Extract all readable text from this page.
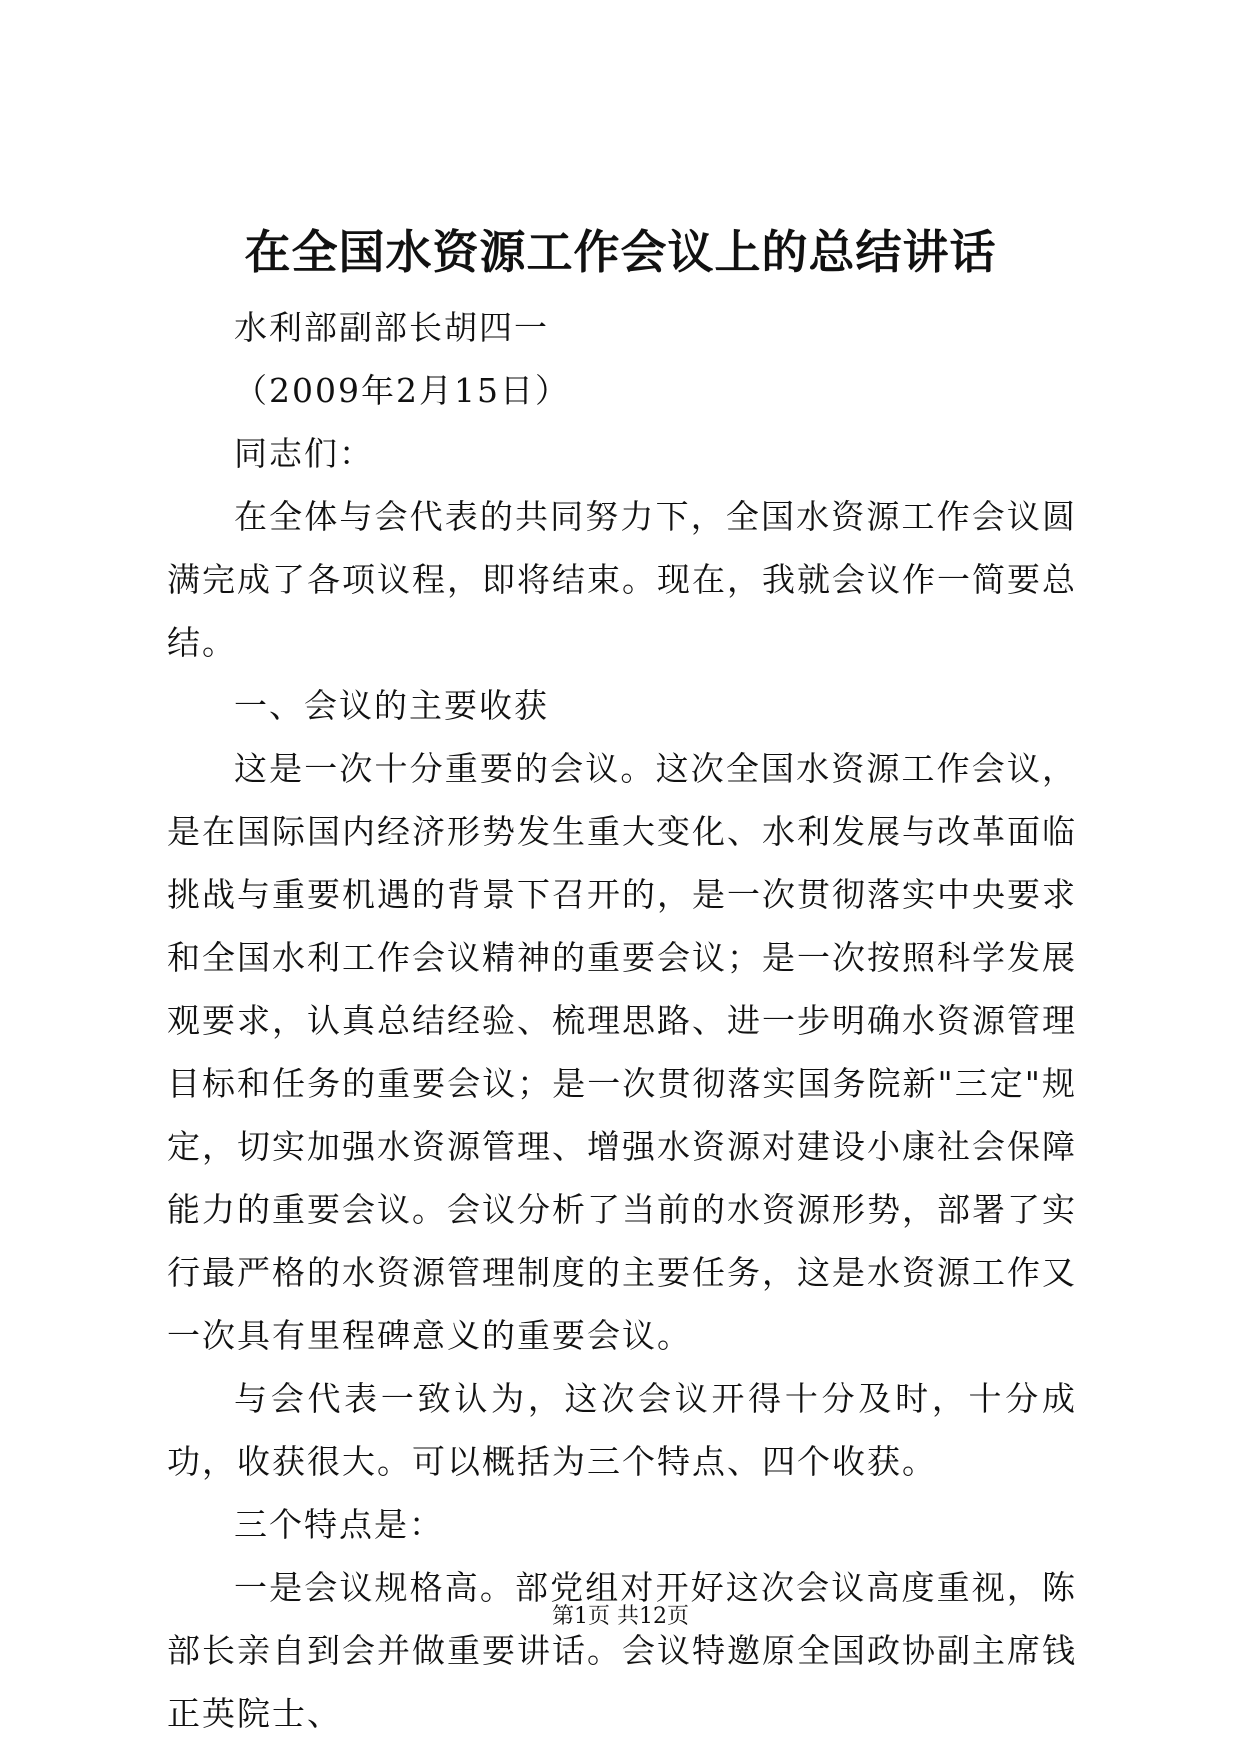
在全国水资源工作会议上的总结讲话

水利部副部长胡四一

（2009年2月15日）

同志们：

在全体与会代表的共同努力下，全国水资源工作会议圆满完成了各项议程，即将结束。现在，我就会议作一简要总结。

一、会议的主要收获

这是一次十分重要的会议。这次全国水资源工作会议，是在国际国内经济形势发生重大变化、水利发展与改革面临挑战与重要机遇的背景下召开的，是一次贯彻落实中央要求和全国水利工作会议精神的重要会议；是一次按照科学发展观要求，认真总结经验、梳理思路、进一步明确水资源管理目标和任务的重要会议；是一次贯彻落实国务院新"三定"规定，切实加强水资源管理、增强水资源对建设小康社会保障能力的重要会议。会议分析了当前的水资源形势，部署了实行最严格的水资源管理制度的主要任务，这是水资源工作又一次具有里程碑意义的重要会议。

与会代表一致认为，这次会议开得十分及时，十分成功，收获很大。可以概括为三个特点、四个收获。

三个特点是：

一是会议规格高。部党组对开好这次会议高度重视，陈部长亲自到会并做重要讲话。会议特邀原全国政协副主席钱正英院士、

第1页 共12页
